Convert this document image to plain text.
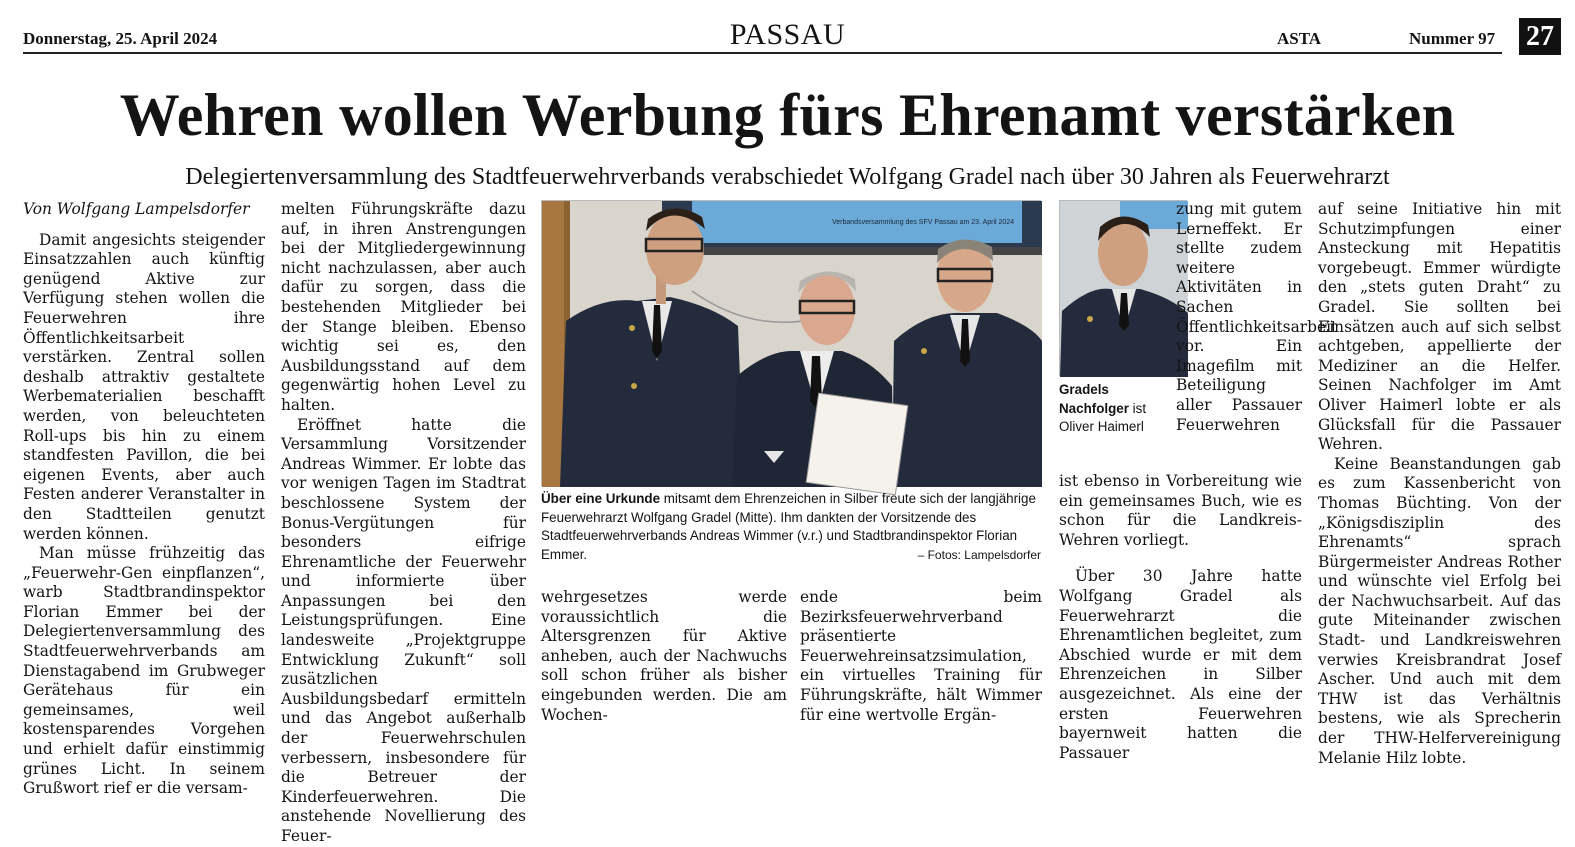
Donnerstag, 25. April 2024	PASSAU	ASTA	Nummer 97 27
Wehren wollen Werbung fürs Ehrenamt verstärken
Delegiertenversammlung des Stadtfeuerwehrverbands verabschiedet Wolfgang Gradel nach über 30 Jahren als Feuerwehrarzt

Von Wolfgang Lampelsdorfer

Damit angesichts steigender Einsatzzahlen auch künftig genügend Aktive zur Verfügung stehen wollen die Feuerwehren ihre Öffentlichkeitsarbeit verstärken. Zentral sollen deshalb attraktiv gestaltete Werbematerialien beschafft werden, von beleuchteten Roll-ups bis hin zu einem standfesten Pavillon, die bei eigenen Events, aber auch Festen anderer Veranstalter in den Stadtteilen genutzt werden können.

Man müsse frühzeitig das „Feuerwehr-Gen einpflanzen“, warb Stadtbrandinspektor Florian Emmer bei der Delegiertenversammlung des Stadtfeuerwehrverbands am Dienstagabend im Grubweger Gerätehaus für ein gemeinsames, weil kostensparendes Vorgehen und erhielt dafür einstimmig grünes Licht. In seinem Grußwort rief er die versam-

melten Führungskräfte dazu auf, in ihren Anstrengungen bei der Mitgliedergewinnung nicht nachzulassen, aber auch dafür zu sorgen, dass die bestehenden Mitglieder bei der Stange bleiben. Ebenso wichtig sei es, den Ausbildungsstand auf dem gegenwärtig hohen Level zu halten.

Eröffnet hatte die Versammlung Vorsitzender Andreas Wimmer. Er lobte das vor wenigen Tagen im Stadtrat beschlossene System der Bonus-Vergütungen für besonders eifrige Ehrenamtliche der Feuerwehr und informierte über Anpassungen bei den Leistungsprüfungen. Eine landesweite „Projektgruppe Entwicklung Zukunft“ soll zusätzlichen Ausbildungsbedarf ermitteln und das Angebot außerhalb der Feuerwehrschulen verbessern, insbesondere für die Betreuer der Kinderfeuerwehren. Die anstehende Novellierung des Feuer-

Verbandsversammlung des SFV Passau am 23. April 2024
Über eine Urkunde mitsamt dem Ehrenzeichen in Silber freute sich der langjährige Feuerwehrarzt Wolfgang Gradel (Mitte). Ihm dankten der Vorsitzende des Stadtfeuerwehrverbands Andreas Wimmer (v.r.) und Stadtbrandinspektor Florian Emmer.	– Fotos: Lampelsdorfer

wehrgesetzes werde voraussichtlich die Altersgrenzen für Aktive anheben, auch der Nachwuchs soll schon früher als bisher eingebunden werden. Die am Wochen-

ende beim Bezirksfeuerwehrverband präsentierte Feuerwehreinsatzsimulation, ein virtuelles Training für Führungskräfte, hält Wimmer für eine wertvolle Ergän-

Gradels Nachfolger ist Oliver Haimerl

zung mit gutem Lerneffekt. Er stellte zudem weitere Aktivitäten in Sachen Öffentlichkeitsarbeit vor. Ein Imagefilm mit Beteiligung aller Passauer Feuerwehren

ist ebenso in Vorbereitung wie ein gemeinsames Buch, wie es schon für die Landkreis-Wehren vorliegt.

Über 30 Jahre hatte Wolfgang Gradel als Feuerwehrarzt die Ehrenamtlichen begleitet, zum Abschied wurde er mit dem Ehrenzeichen in Silber ausgezeichnet. Als eine der ersten Feuerwehren bayernweit hatten die Passauer

auf seine Initiative hin mit Schutzimpfungen einer Ansteckung mit Hepatitis vorgebeugt. Emmer würdigte den „stets guten Draht“ zu Gradel. Sie sollten bei Einsätzen auch auf sich selbst achtgeben, appellierte der Mediziner an die Helfer. Seinen Nachfolger im Amt Oliver Haimerl lobte er als Glücksfall für die Passauer Wehren.

Keine Beanstandungen gab es zum Kassenbericht von Thomas Büchting. Von der „Königsdisziplin des Ehrenamts“ sprach Bürgermeister Andreas Rother und wünschte viel Erfolg bei der Nachwuchsarbeit. Auf das gute Miteinander zwischen Stadt- und Landkreiswehren verwies Kreisbrandrat Josef Ascher. Und auch mit dem THW ist das Verhältnis bestens, wie als Sprecherin der THW-Helfervereinigung Melanie Hilz lobte.
